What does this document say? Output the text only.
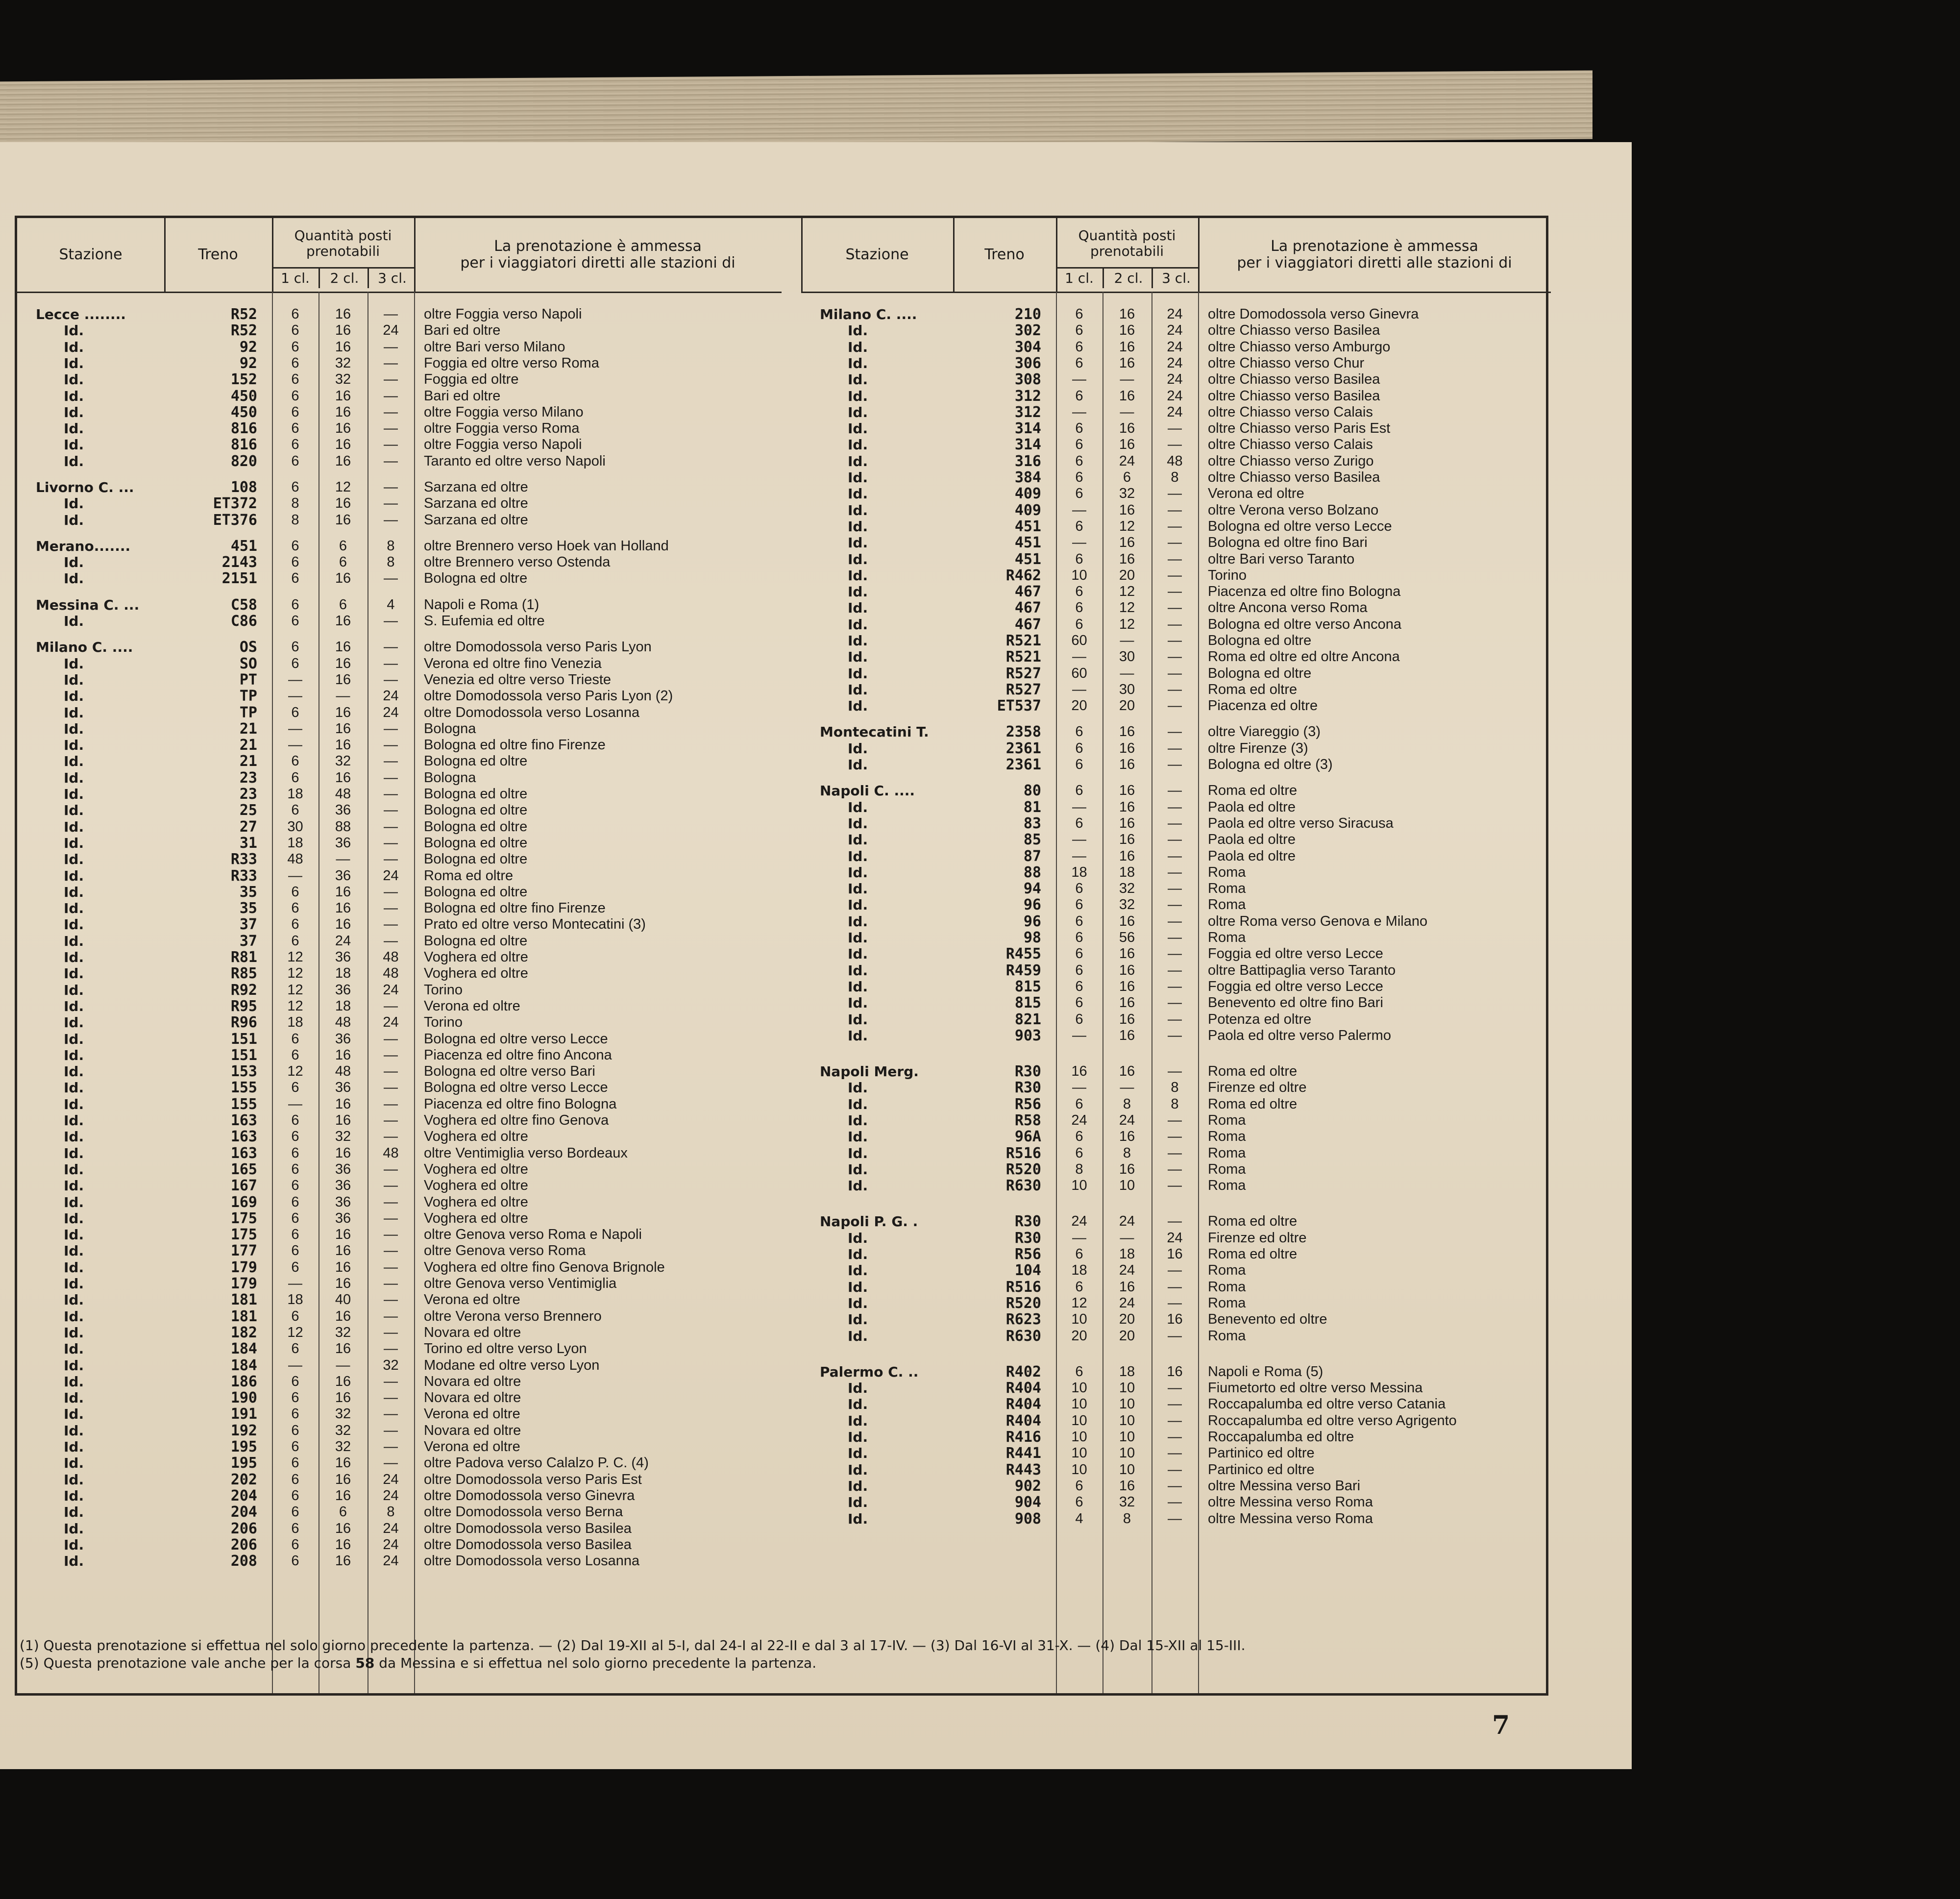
Stazione	Treno
Quantità posti
prenotabili
1 cl.	2 cl.	3 cl.
La prenotazione è ammessa
per i viaggiatori diretti alle stazioni di
Lecce ........	R52	6	16	—	oltre Foggia verso Napoli
Id.	R52	6	16	24	Bari ed oltre
Id.	92	6	16	—	oltre Bari verso Milano
Id.	92	6	32	—	Foggia ed oltre verso Roma
Id.	152	6	32	—	Foggia ed oltre
Id.	450	6	16	—	Bari ed oltre
Id.	450	6	16	—	oltre Foggia verso Milano
Id.	816	6	16	—	oltre Foggia verso Roma
Id.	816	6	16	—	oltre Foggia verso Napoli
Id.	820	6	16	—	Taranto ed oltre verso Napoli
Livorno C. ...	108	6	12	—	Sarzana ed oltre
Id.	ET372	8	16	—	Sarzana ed oltre
Id.	ET376	8	16	—	Sarzana ed oltre
Merano.......	451	6	6	8	oltre Brennero verso Hoek van Holland
Id.	2143	6	6	8	oltre Brennero verso Ostenda
Id.	2151	6	16	—	Bologna ed oltre
Messina C. ...	C58	6	6	4	Napoli e Roma (1)
Id.	C86	6	16	—	S. Eufemia ed oltre
Milano C. ....	OS	6	16	—	oltre Domodossola verso Paris Lyon
Id.	SO	6	16	—	Verona ed oltre fino Venezia
Id.	PT	—	16	—	Venezia ed oltre verso Trieste
Id.	TP	—	—	24	oltre Domodossola verso Paris Lyon (2)
Id.	TP	6	16	24	oltre Domodossola verso Losanna
Id.	21	—	16	—	Bologna
Id.	21	—	16	—	Bologna ed oltre fino Firenze
Id.	21	6	32	—	Bologna ed oltre
Id.	23	6	16	—	Bologna
Id.	23	18	48	—	Bologna ed oltre
Id.	25	6	36	—	Bologna ed oltre
Id.	27	30	88	—	Bologna ed oltre
Id.	31	18	36	—	Bologna ed oltre
Id.	R33	48	—	—	Bologna ed oltre
Id.	R33	—	36	24	Roma ed oltre
Id.	35	6	16	—	Bologna ed oltre
Id.	35	6	16	—	Bologna ed oltre fino Firenze
Id.	37	6	16	—	Prato ed oltre verso Montecatini (3)
Id.	37	6	24	—	Bologna ed oltre
Id.	R81	12	36	48	Voghera ed oltre
Id.	R85	12	18	48	Voghera ed oltre
Id.	R92	12	36	24	Torino
Id.	R95	12	18	—	Verona ed oltre
Id.	R96	18	48	24	Torino
Id.	151	6	36	—	Bologna ed oltre verso Lecce
Id.	151	6	16	—	Piacenza ed oltre fino Ancona
Id.	153	12	48	—	Bologna ed oltre verso Bari
Id.	155	6	36	—	Bologna ed oltre verso Lecce
Id.	155	—	16	—	Piacenza ed oltre fino Bologna
Id.	163	6	16	—	Voghera ed oltre fino Genova
Id.	163	6	32	—	Voghera ed oltre
Id.	163	6	16	48	oltre Ventimiglia verso Bordeaux
Id.	165	6	36	—	Voghera ed oltre
Id.	167	6	36	—	Voghera ed oltre
Id.	169	6	36	—	Voghera ed oltre
Id.	175	6	36	—	Voghera ed oltre
Id.	175	6	16	—	oltre Genova verso Roma e Napoli
Id.	177	6	16	—	oltre Genova verso Roma
Id.	179	6	16	—	Voghera ed oltre fino Genova Brignole
Id.	179	—	16	—	oltre Genova verso Ventimiglia
Id.	181	18	40	—	Verona ed oltre
Id.	181	6	16	—	oltre Verona verso Brennero
Id.	182	12	32	—	Novara ed oltre
Id.	184	6	16	—	Torino ed oltre verso Lyon
Id.	184	—	—	32	Modane ed oltre verso Lyon
Id.	186	6	16	—	Novara ed oltre
Id.	190	6	16	—	Novara ed oltre
Id.	191	6	32	—	Verona ed oltre
Id.	192	6	32	—	Novara ed oltre
Id.	195	6	32	—	Verona ed oltre
Id.	195	6	16	—	oltre Padova verso Calalzo P. C. (4)
Id.	202	6	16	24	oltre Domodossola verso Paris Est
Id.	204	6	16	24	oltre Domodossola verso Ginevra
Id.	204	6	6	8	oltre Domodossola verso Berna
Id.	206	6	16	24	oltre Domodossola verso Basilea
Id.	206	6	16	24	oltre Domodossola verso Basilea
Id.	208	6	16	24	oltre Domodossola verso Losanna
Stazione	Treno
Quantità posti
prenotabili
1 cl.	2 cl.	3 cl.
La prenotazione è ammessa
per i viaggiatori diretti alle stazioni di
Milano C. ....	210	6	16	24	oltre Domodossola verso Ginevra
Id.	302	6	16	24	oltre Chiasso verso Basilea
Id.	304	6	16	24	oltre Chiasso verso Amburgo
Id.	306	6	16	24	oltre Chiasso verso Chur
Id.	308	—	—	24	oltre Chiasso verso Basilea
Id.	312	6	16	24	oltre Chiasso verso Basilea
Id.	312	—	—	24	oltre Chiasso verso Calais
Id.	314	6	16	—	oltre Chiasso verso Paris Est
Id.	314	6	16	—	oltre Chiasso verso Calais
Id.	316	6	24	48	oltre Chiasso verso Zurigo
Id.	384	6	6	8	oltre Chiasso verso Basilea
Id.	409	6	32	—	Verona ed oltre
Id.	409	—	16	—	oltre Verona verso Bolzano
Id.	451	6	12	—	Bologna ed oltre verso Lecce
Id.	451	—	16	—	Bologna ed oltre fino Bari
Id.	451	6	16	—	oltre Bari verso Taranto
Id.	R462	10	20	—	Torino
Id.	467	6	12	—	Piacenza ed oltre fino Bologna
Id.	467	6	12	—	oltre Ancona verso Roma
Id.	467	6	12	—	Bologna ed oltre verso Ancona
Id.	R521	60	—	—	Bologna ed oltre
Id.	R521	—	30	—	Roma ed oltre ed oltre Ancona
Id.	R527	60	—	—	Bologna ed oltre
Id.	R527	—	30	—	Roma ed oltre
Id.	ET537	20	20	—	Piacenza ed oltre
Montecatini T.	2358	6	16	—	oltre Viareggio (3)
Id.	2361	6	16	—	oltre Firenze (3)
Id.	2361	6	16	—	Bologna ed oltre (3)
Napoli C. ....	80	6	16	—	Roma ed oltre
Id.	81	—	16	—	Paola ed oltre
Id.	83	6	16	—	Paola ed oltre verso Siracusa
Id.	85	—	16	—	Paola ed oltre
Id.	87	—	16	—	Paola ed oltre
Id.	88	18	18	—	Roma
Id.	94	6	32	—	Roma
Id.	96	6	32	—	Roma
Id.	96	6	16	—	oltre Roma verso Genova e Milano
Id.	98	6	56	—	Roma
Id.	R455	6	16	—	Foggia ed oltre verso Lecce
Id.	R459	6	16	—	oltre Battipaglia verso Taranto
Id.	815	6	16	—	Foggia ed oltre verso Lecce
Id.	815	6	16	—	Benevento ed oltre fino Bari
Id.	821	6	16	—	Potenza ed oltre
Id.	903	—	16	—	Paola ed oltre verso Palermo
Napoli Merg.	R30	16	16	—	Roma ed oltre
Id.	R30	—	—	8	Firenze ed oltre
Id.	R56	6	8	8	Roma ed oltre
Id.	R58	24	24	—	Roma
Id.	96A	6	16	—	Roma
Id.	R516	6	8	—	Roma
Id.	R520	8	16	—	Roma
Id.	R630	10	10	—	Roma
Napoli P. G. .	R30	24	24	—	Roma ed oltre
Id.	R30	—	—	24	Firenze ed oltre
Id.	R56	6	18	16	Roma ed oltre
Id.	104	18	24	—	Roma
Id.	R516	6	16	—	Roma
Id.	R520	12	24	—	Roma
Id.	R623	10	20	16	Benevento ed oltre
Id.	R630	20	20	—	Roma
Palermo C. ..	R402	6	18	16	Napoli e Roma (5)
Id.	R404	10	10	—	Fiumetorto ed oltre verso Messina
Id.	R404	10	10	—	Roccapalumba ed oltre verso Catania
Id.	R404	10	10	—	Roccapalumba ed oltre verso Agrigento
Id.	R416	10	10	—	Roccapalumba ed oltre
Id.	R441	10	10	—	Partinico ed oltre
Id.	R443	10	10	—	Partinico ed oltre
Id.	902	6	16	—	oltre Messina verso Bari
Id.	904	6	32	—	oltre Messina verso Roma
Id.	908	4	8	—	oltre Messina verso Roma
(1) Questa prenotazione si effettua nel solo giorno precedente la partenza. — (2) Dal 19-XII al 5-I, dal 24-I al 22-II e dal 3 al 17-IV. — (3) Dal 16-VI al 31-X. — (4) Dal 15-XII al 15-III.
(5) Questa prenotazione vale anche per la corsa 58 da Messina e si effettua nel solo giorno precedente la partenza.
7
